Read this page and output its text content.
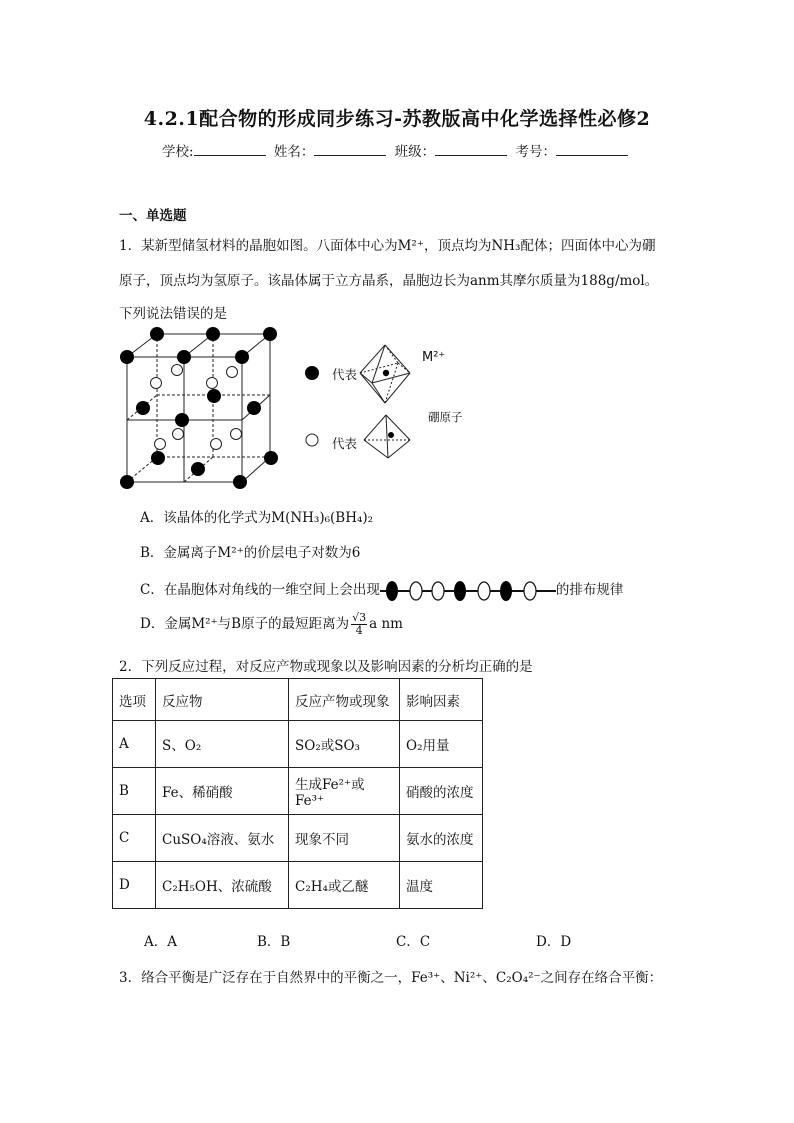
4.2.1配合物的形成同步练习-苏教版高中化学选择性必修2
学校:	姓名：	班级：	考号：
一、单选题
1．某新型储氢材料的晶胞如图。八面体中心为M²⁺，顶点均为NH₃配体；四面体中心为硼
原子，顶点均为氢原子。该晶体属于立方晶系，晶胞边长为anm其摩尔质量为188g/mol。
下列说法错误的是
代表
代表
M²⁺
硼原子
A．该晶体的化学式为M(NH₃)₆(BH₄)₂
B．金属离子M²⁺的价层电子对数为6
C．在晶胞体对角线的一维空间上会出现	的排布规律
D．金属M²⁺与B原子的最短距离为 $\frac{√3}{4}$ a nm
2．下列反应过程，对反应产物或现象以及影响因素的分析均正确的是
选项	反应物	反应产物或现象	影响因素
A	S、O₂	SO₂或SO₃	O₂用量
B	Fe、稀硝酸	生成Fe²⁺或Fe³⁺	硝酸的浓度
C	CuSO₄溶液、氨水	现象不同	氨水的浓度
D	C₂H₅OH、浓硫酸	C₂H₄或乙醚	温度
A．A	B．B	C．C	D．D
3．络合平衡是广泛存在于自然界中的平衡之一，Fe³⁺、Ni²⁺、C₂O₄²⁻之间存在络合平衡：
